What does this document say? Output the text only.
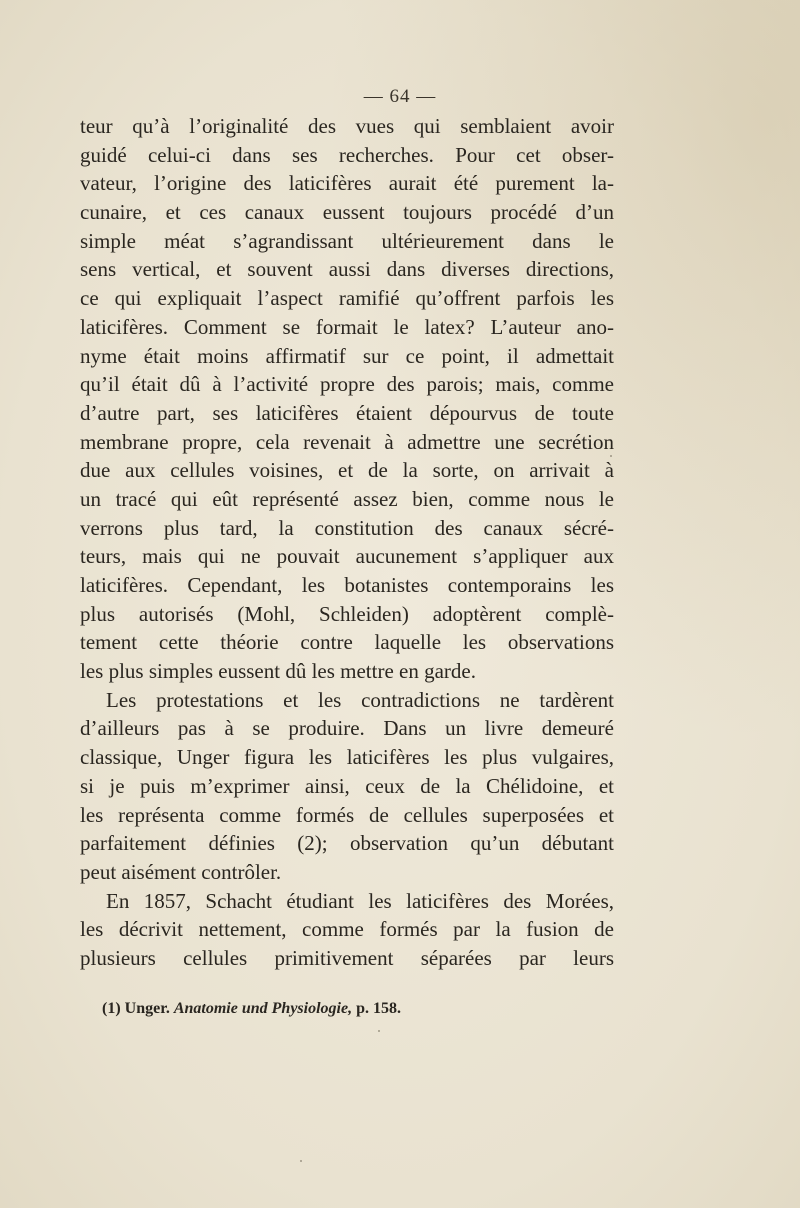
— 64 —
teur qu’à l’originalité des vues qui semblaient avoir
guidé celui-ci dans ses recherches. Pour cet obser-
vateur, l’origine des laticifères aurait été purement la-
cunaire, et ces canaux eussent toujours procédé d’un
simple méat s’agrandissant ultérieurement dans le
sens vertical, et souvent aussi dans diverses directions,
ce qui expliquait l’aspect ramifié qu’offrent parfois les
laticifères. Comment se formait le latex? L’auteur ano-
nyme était moins affirmatif sur ce point, il admettait
qu’il était dû à l’activité propre des parois; mais, comme
d’autre part, ses laticifères étaient dépourvus de toute
membrane propre, cela revenait à admettre une secrétion
due aux cellules voisines, et de la sorte, on arrivait à
un tracé qui eût représenté assez bien, comme nous le
verrons plus tard, la constitution des canaux sécré-
teurs, mais qui ne pouvait aucunement s’appliquer aux
laticifères. Cependant, les botanistes contemporains les
plus autorisés (Mohl, Schleiden) adoptèrent complè-
tement cette théorie contre laquelle les observations
les plus simples eussent dû les mettre en garde.
Les protestations et les contradictions ne tardèrent
d’ailleurs pas à se produire. Dans un livre demeuré
classique, Unger figura les laticifères les plus vulgaires,
si je puis m’exprimer ainsi, ceux de la Chélidoine, et
les représenta comme formés de cellules superposées et
parfaitement définies (2); observation qu’un débutant
peut aisément contrôler.
En 1857, Schacht étudiant les laticifères des Morées,
les décrivit nettement, comme formés par la fusion de
plusieurs cellules primitivement séparées par leurs
(1) Unger. Anatomie und Physiologie, p. 158.
